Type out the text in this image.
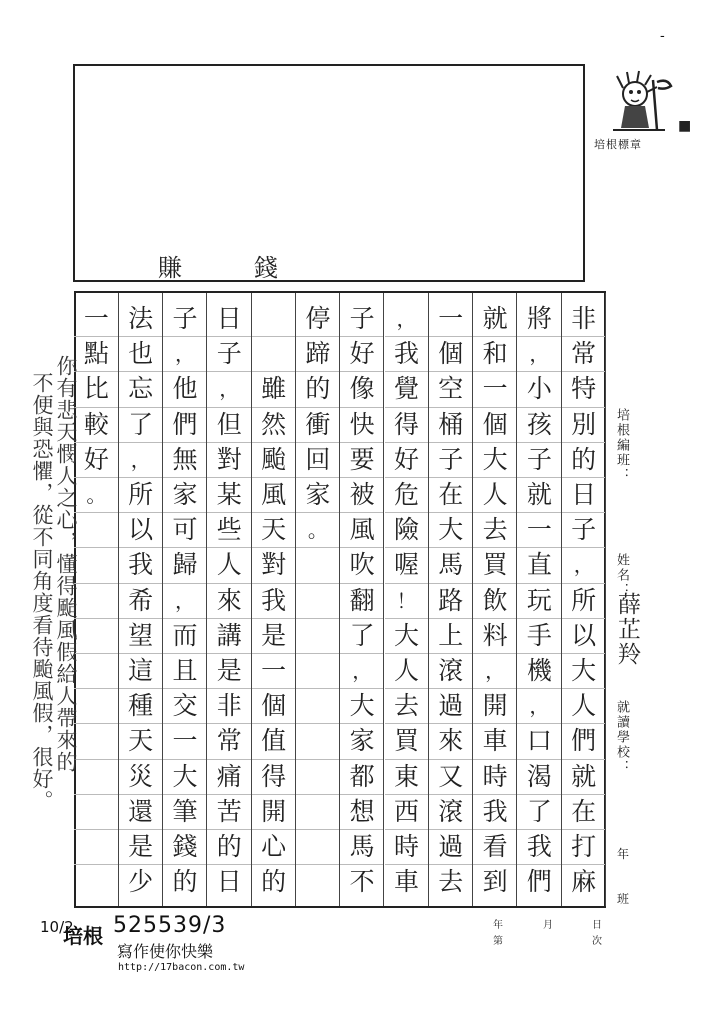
賺	錢
-
培根標章
■
非
常
特
別
的
日
子
，
所
以
大
人
們
就
在
打
麻
將
，
小
孩
子
就
一
直
玩
手
機
，
口
渴
了
我
們
就
和
一
個
大
人
去
買
飲
料
，
開
車
時
我
看
到
一
個
空
桶
子
在
大
馬
路
上
滾
過
來
又
滾
過
去
，
我
覺
得
好
危
險
喔
！
大
人
去
買
東
西
時
車
子
好
像
快
要
被
風
吹
翻
了
，
大
家
都
想
馬
不
停
蹄
的
衝
回
家
。
雖
然
颱
風
天
對
我
是
一
個
值
得
開
心
的
日
子
，
但
對
某
些
人
來
講
是
非
常
痛
苦
的
日
子
，
他
們
無
家
可
歸
，
而
且
交
一
大
筆
錢
的
法
也
忘
了
，
所
以
我
希
望
這
種
天
災
還
是
少
一
點
比
較
好
。
培根編班：
姓名：
薛芷羚
就讀學校：
年
班
你有悲天憫人之心，懂得颱風假給人帶來的
不便與恐懼，從不同角度看待颱風假，很好。
年	月	日
第	次
10/2
培根 525539/3
寫作使你快樂
http://17bacon.com.tw
